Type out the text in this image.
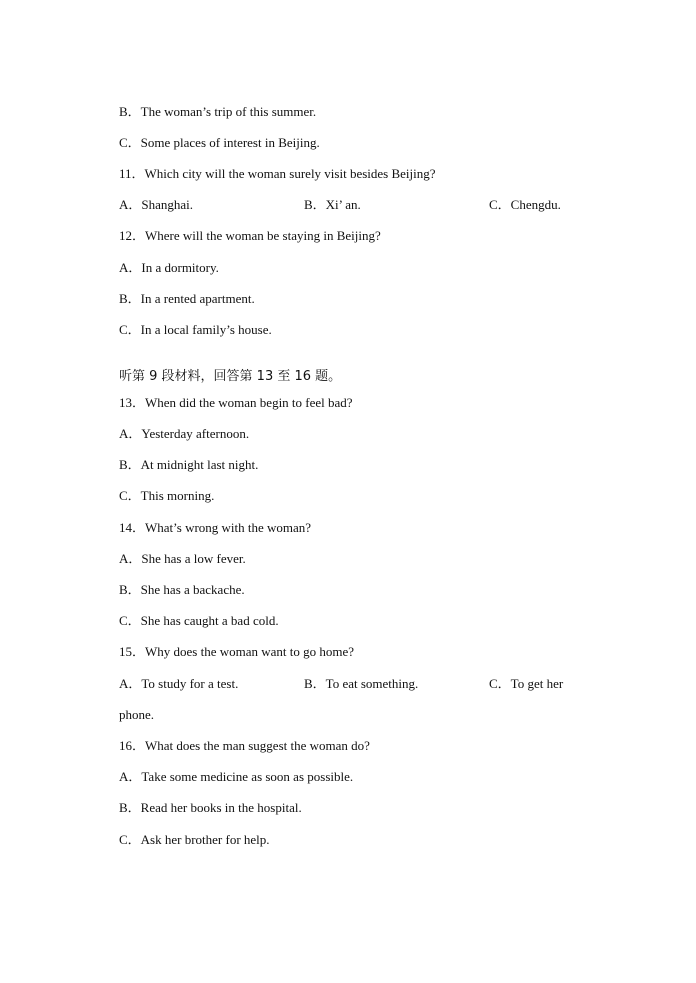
B．The woman’s trip of this summer.
C．Some places of interest in Beijing.
11．Which city will the woman surely visit besides Beijing?
A．Shanghai.	B．Xi’ an.	C．Chengdu.
12．Where will the woman be staying in Beijing?
A．In a dormitory.
B．In a rented apartment.
C．In a local family’s house.
听第 9 段材料，回答第 13 至 16 题。
13．When did the woman begin to feel bad?
A．Yesterday afternoon.
B．At midnight last night.
C．This morning.
14．What’s wrong with the woman?
A．She has a low fever.
B．She has a backache.
C．She has caught a bad cold.
15．Why does the woman want to go home?
A．To study for a test.	B．To eat something.	C．To get her
phone.
16．What does the man suggest the woman do?
A．Take some medicine as soon as possible.
B．Read her books in the hospital.
C．Ask her brother for help.
